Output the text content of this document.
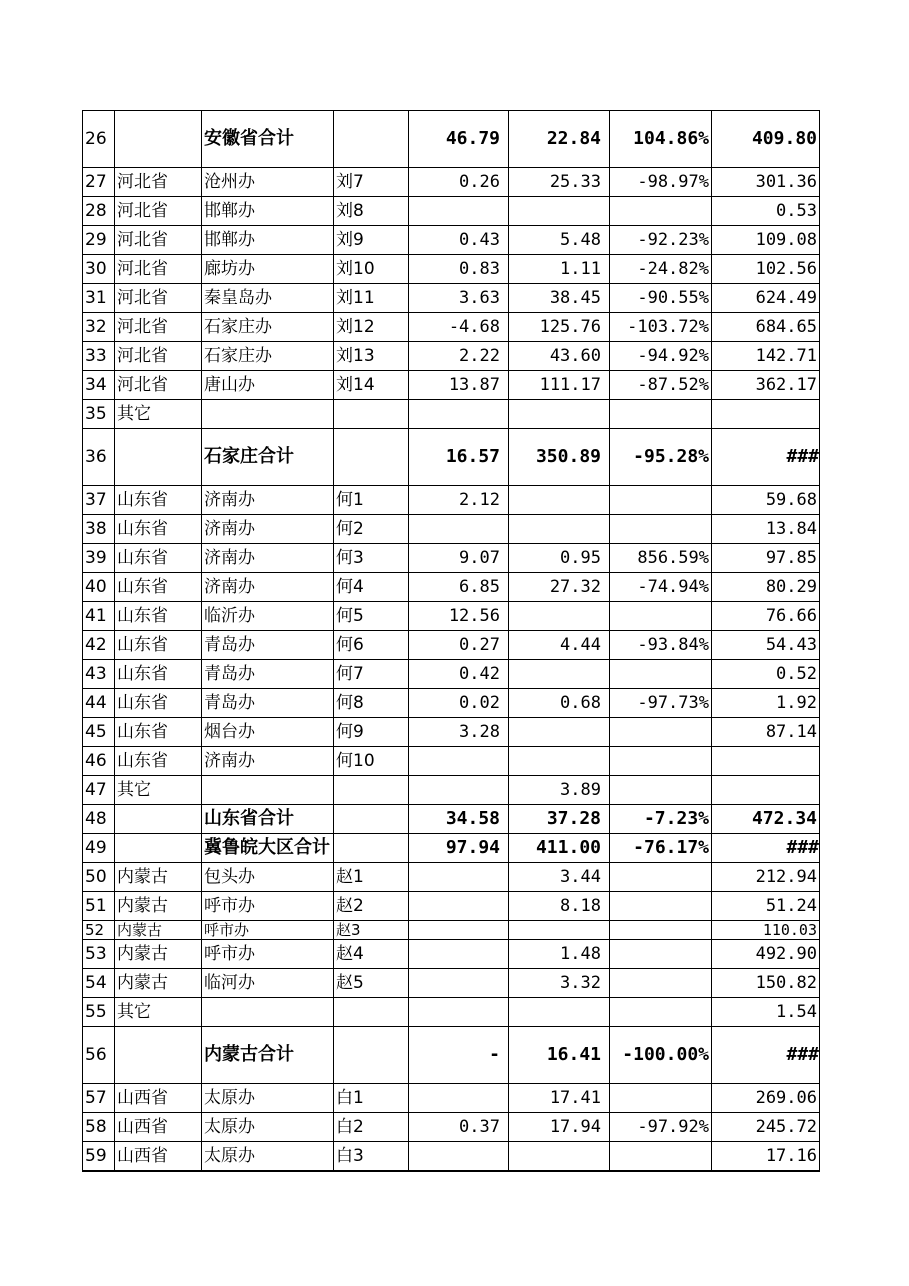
26		安徽省合计		46.79	22.84	104.86%	409.80
27	河北省	沧州办	刘7	0.26	25.33	-98.97%	301.36
28	河北省	邯郸办	刘8				0.53
29	河北省	邯郸办	刘9	0.43	5.48	-92.23%	109.08
30	河北省	廊坊办	刘10	0.83	1.11	-24.82%	102.56
31	河北省	秦皇岛办	刘11	3.63	38.45	-90.55%	624.49
32	河北省	石家庄办	刘12	-4.68	125.76	-103.72%	684.65
33	河北省	石家庄办	刘13	2.22	43.60	-94.92%	142.71
34	河北省	唐山办	刘14	13.87	111.17	-87.52%	362.17
35	其它						
36		石家庄合计		16.57	350.89	-95.28%	###
37	山东省	济南办	何1	2.12			59.68
38	山东省	济南办	何2				13.84
39	山东省	济南办	何3	9.07	0.95	856.59%	97.85
40	山东省	济南办	何4	6.85	27.32	-74.94%	80.29
41	山东省	临沂办	何5	12.56			76.66
42	山东省	青岛办	何6	0.27	4.44	-93.84%	54.43
43	山东省	青岛办	何7	0.42			0.52
44	山东省	青岛办	何8	0.02	0.68	-97.73%	1.92
45	山东省	烟台办	何9	3.28			87.14
46	山东省	济南办	何10				
47	其它				3.89		
48		山东省合计		34.58	37.28	-7.23%	472.34
49		冀鲁皖大区合计		97.94	411.00	-76.17%	###
50	内蒙古	包头办	赵1		3.44		212.94
51	内蒙古	呼市办	赵2		8.18		51.24
52	内蒙古	呼市办	赵3				110.03
53	内蒙古	呼市办	赵4		1.48		492.90
54	内蒙古	临河办	赵5		3.32		150.82
55	其它						1.54
56		内蒙古合计		-	16.41	-100.00%	###
57	山西省	太原办	白1		17.41		269.06
58	山西省	太原办	白2	0.37	17.94	-97.92%	245.72
59	山西省	太原办	白3				17.16
